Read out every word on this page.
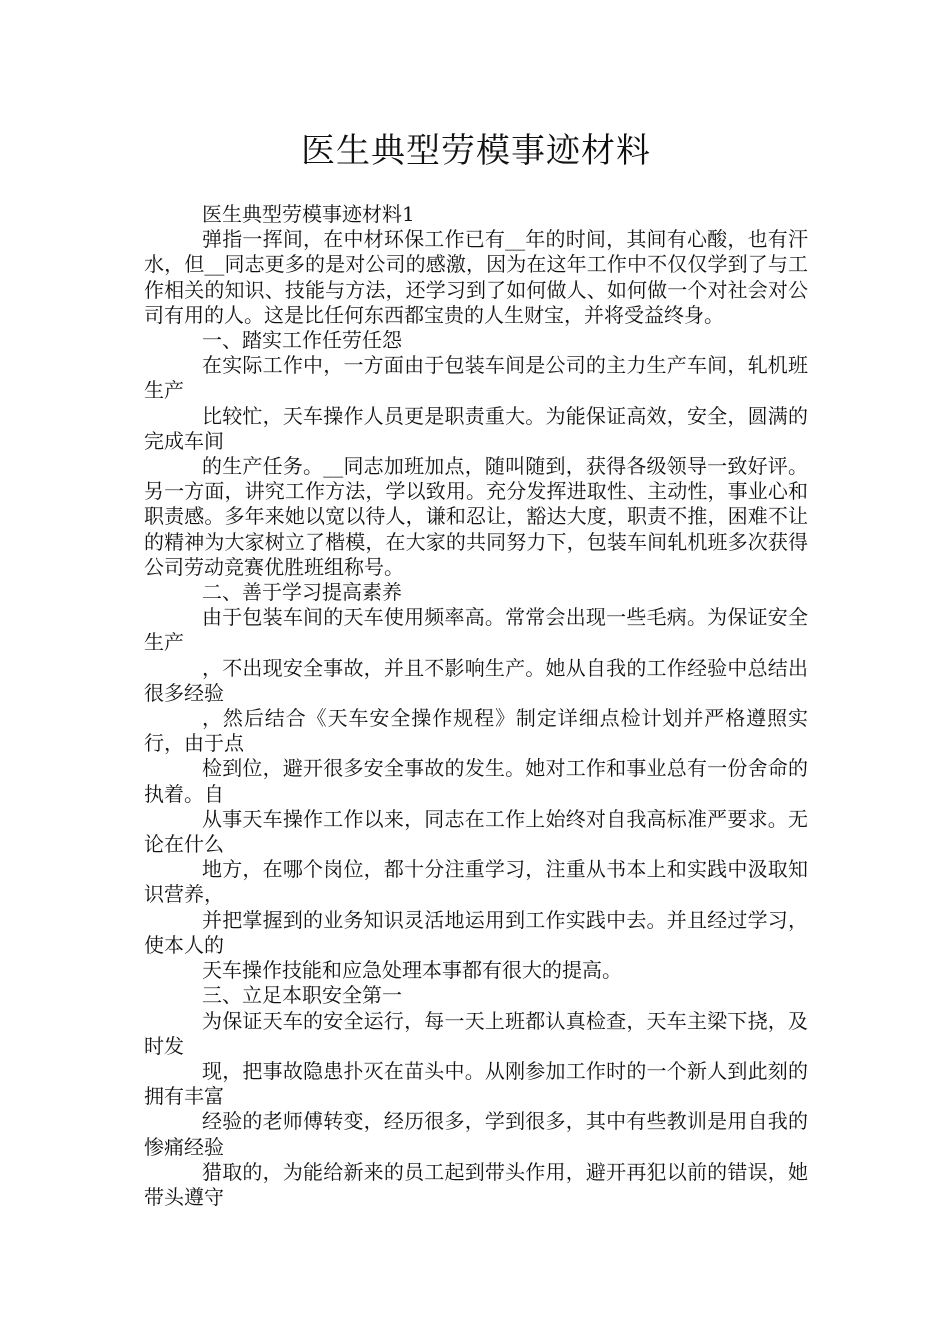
医生典型劳模事迹材料

医生典型劳模事迹材料1

弹指一挥间，在中材环保工作已有__年的时间，其间有心酸，也有汗水，但__同志更多的是对公司的感激，因为在这年工作中不仅仅学到了与工作相关的知识、技能与方法，还学习到了如何做人、如何做一个对社会对公司有用的人。这是比任何东西都宝贵的人生财宝，并将受益终身。

一、踏实工作任劳任怨

在实际工作中，一方面由于包装车间是公司的主力生产车间，轧机班生产

比较忙，天车操作人员更是职责重大。为能保证高效，安全，圆满的完成车间

的生产任务。__同志加班加点，随叫随到，获得各级领导一致好评。另一方面，讲究工作方法，学以致用。充分发挥进取性、主动性，事业心和职责感。多年来她以宽以待人，谦和忍让，豁达大度，职责不推，困难不让的精神为大家树立了楷模，在大家的共同努力下，包装车间轧机班多次获得公司劳动竞赛优胜班组称号。

二、善于学习提高素养

由于包装车间的天车使用频率高。常常会出现一些毛病。为保证安全生产

，不出现安全事故，并且不影响生产。她从自我的工作经验中总结出很多经验

，然后结合《天车安全操作规程》制定详细点检计划并严格遵照实行，由于点

检到位，避开很多安全事故的发生。她对工作和事业总有一份舍命的执着。自

从事天车操作工作以来，同志在工作上始终对自我高标准严要求。无论在什么

地方，在哪个岗位，都十分注重学习，注重从书本上和实践中汲取知识营养，

并把掌握到的业务知识灵活地运用到工作实践中去。并且经过学习，使本人的

天车操作技能和应急处理本事都有很大的提高。

三、立足本职安全第一

为保证天车的安全运行，每一天上班都认真检查，天车主梁下挠，及时发

现，把事故隐患扑灭在苗头中。从刚参加工作时的一个新人到此刻的拥有丰富

经验的老师傅转变，经历很多，学到很多，其中有些教训是用自我的惨痛经验

猎取的，为能给新来的员工起到带头作用，避开再犯以前的错误，她带头遵守
